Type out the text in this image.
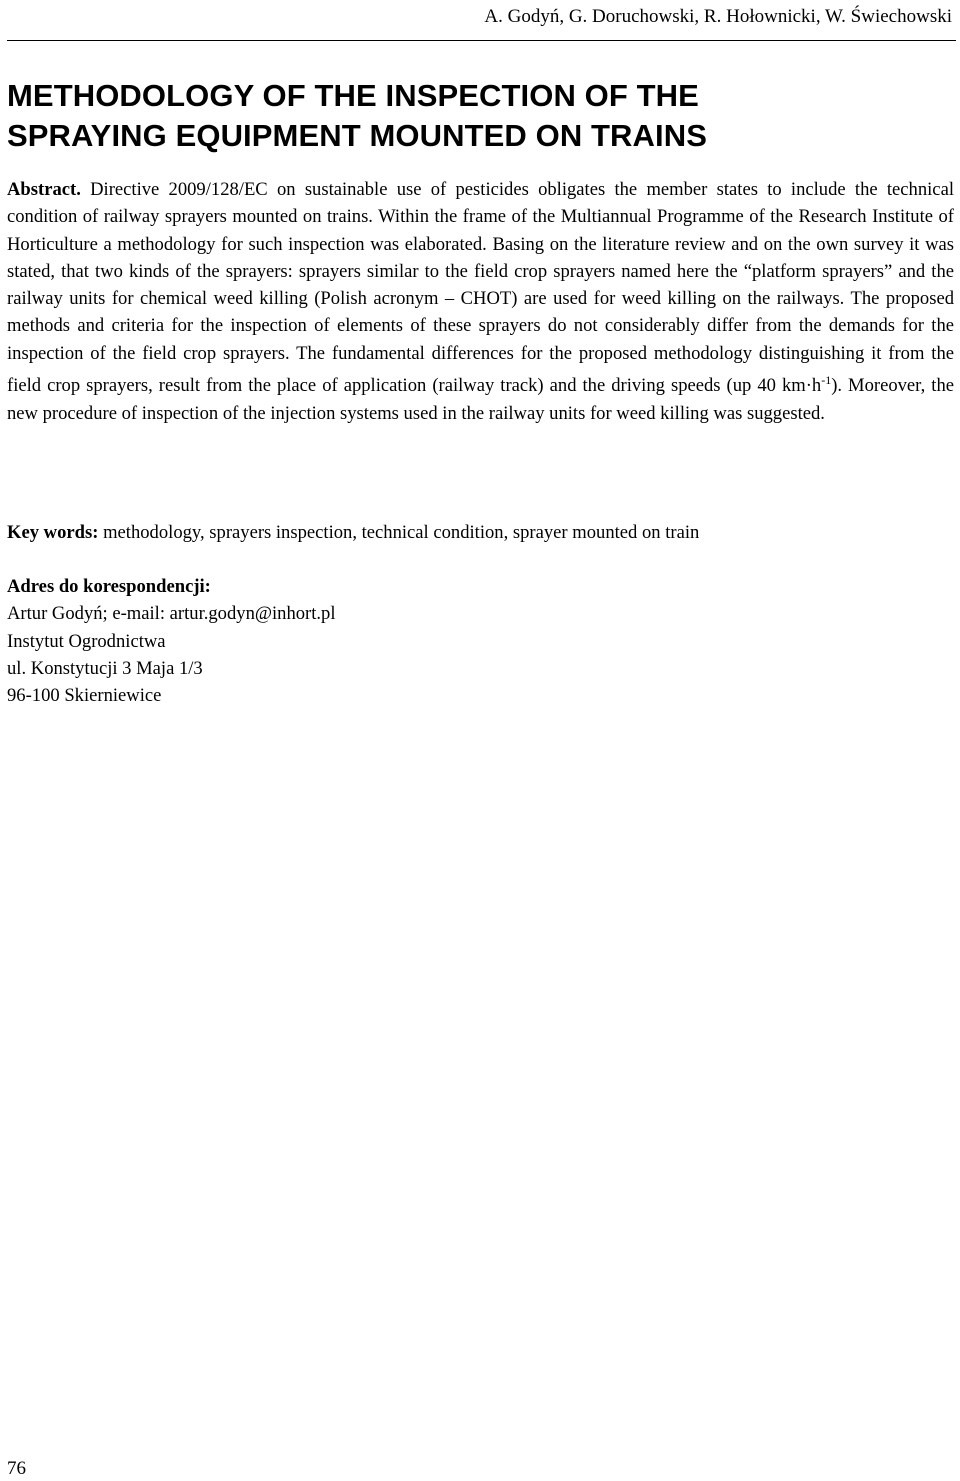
A. Godyń, G. Doruchowski, R. Hołownicki, W. Świechowski
METHODOLOGY OF THE INSPECTION OF THE
SPRAYING EQUIPMENT MOUNTED ON TRAINS

Abstract. Directive 2009/128/EC on sustainable use of pesticides obligates the member states to include the technical condition of railway sprayers mounted on trains. Within the frame of the Multiannual Programme of the Research Institute of Horticulture a methodology for such inspection was elaborated. Basing on the literature review and on the own survey it was stated, that two kinds of the sprayers: sprayers similar to the field crop sprayers named here the “platform sprayers” and the railway units for chemical weed killing (Polish acronym – CHOT) are used for weed killing on the railways. The proposed methods and criteria for the inspection of elements of these sprayers do not considerably differ from the demands for the inspection of the field crop sprayers. The fundamental differences for the proposed methodology distinguishing it from the field crop sprayers, result from the place of application (railway track) and the driving speeds (up 40 $km\cdot h^{-1}$). Moreover, the new procedure of inspection of the injection systems used in the railway units for weed killing was suggested.

Key words: methodology, sprayers inspection, technical condition, sprayer mounted on train

Adres do korespondencji:
Artur Godyń; e-mail: artur.godyn@inhort.pl
Instytut Ogrodnictwa
ul. Konstytucji 3 Maja 1/3
96-100 Skierniewice
76
